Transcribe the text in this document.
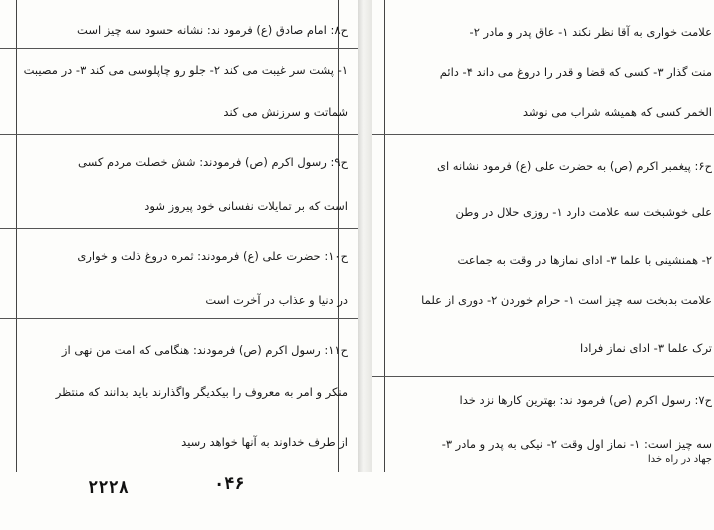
ح۸: امام صادق (ع) فرمود ند: نشانه حسود سه چیز است
۱- پشت سر غیبت می کند ۲- جلو رو چاپلوسی می کند ۳- در مصیبت
شماتت و سرزنش می کند
ح۹: رسول اکرم (ص) فرمودند: شش خصلت مردم کسی
است که بر تمایلات نفسانی خود پیروز شود
ح۱۰: حضرت علی (ع) فرمودند: ثمره دروغ ذلت و خواری
در دنیا و عذاب در آخرت است
ح۱۱: رسول اکرم (ص) فرمودند: هنگامی که امت من نهی از
منکر و امر به معروف را بیکدیگر واگذارند باید بدانند که منتظر
از طرف خداوند به آنها خواهد رسید
علامت خواری به آقا نظر نکند ۱- عاق پدر و مادر ۲-
منت گذار ۳- کسی که قضا و قدر را دروغ می داند ۴- دائم
الخمر کسی که همیشه شراب می نوشد
ح۶: پیغمبر اکرم (ص) به حضرت علی (ع) فرمود نشانه ای
علی خوشبخت سه علامت دارد ۱- روزی حلال در وطن
۲- همنشینی با علما ۳- ادای نمازها در وقت به جماعت
علامت بدبخت سه چیز است ۱- حرام خوردن ۲- دوری از علما
ترک علما ۳- ادای نماز فرادا
ح۷: رسول اکرم (ص) فرمود ند: بهترین کارها نزد خدا
سه چیز است: ۱- نماز اول وقت ۲- نیکی به پدر و مادر ۳-
جهاد در راه خدا
۲۲۲۸	۰۴۶
